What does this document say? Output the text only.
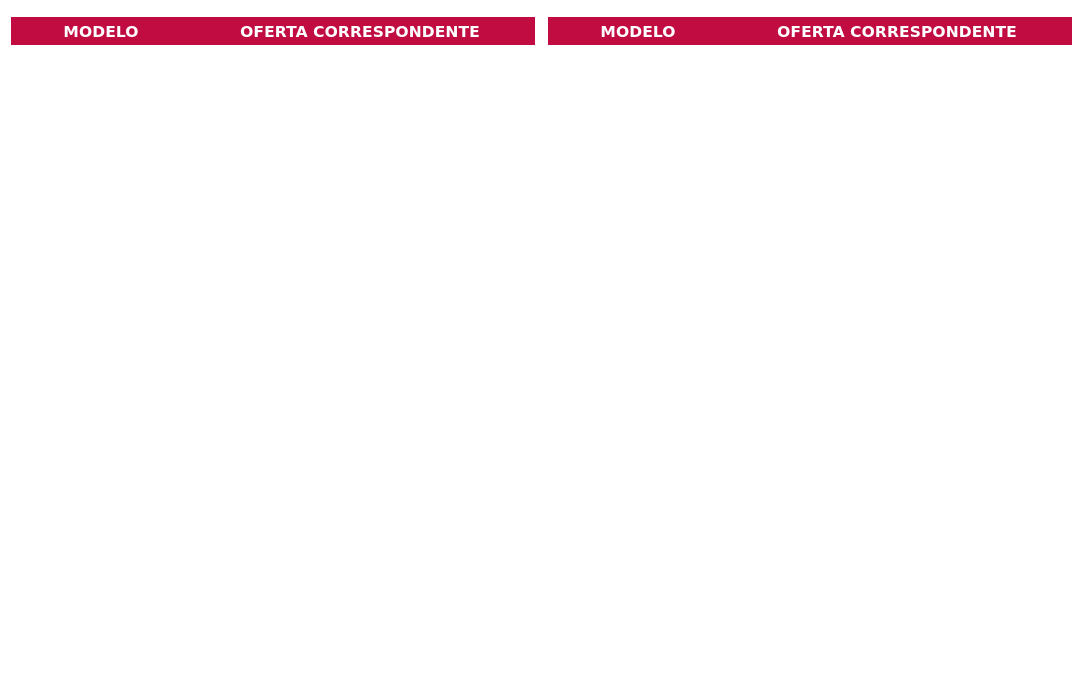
MODELO	OFERTA CORRESPONDENTE	MODELO	OFERTA CORRESPONDENTE
